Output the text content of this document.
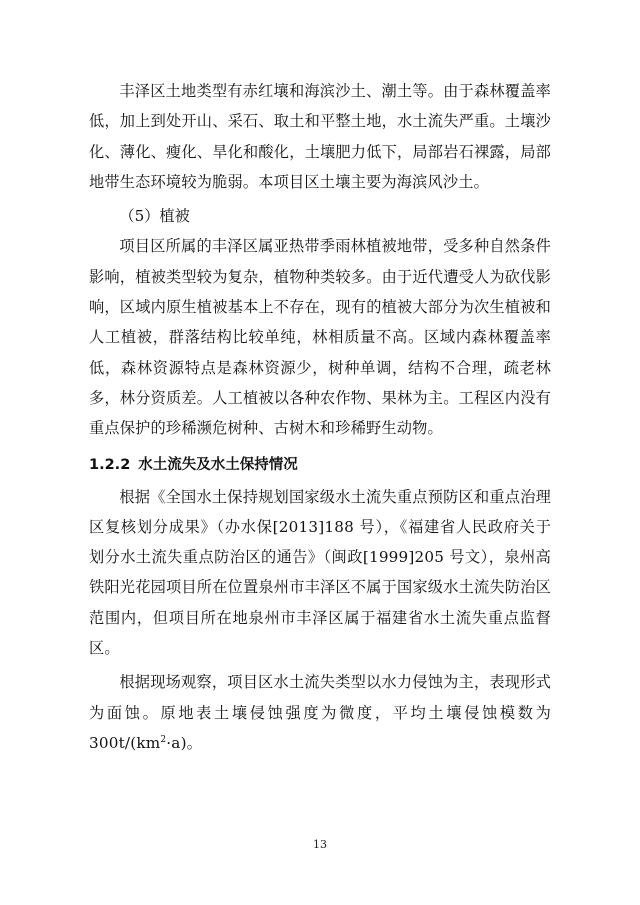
丰泽区土地类型有赤红壤和海滨沙土、潮土等。由于森林覆盖率低，加上到处开山、采石、取土和平整土地，水土流失严重。土壤沙化、薄化、瘦化、旱化和酸化，土壤肥力低下，局部岩石裸露，局部地带生态环境较为脆弱。本项目区土壤主要为海滨风沙土。

（5）植被

项目区所属的丰泽区属亚热带季雨林植被地带，受多种自然条件影响，植被类型较为复杂，植物种类较多。由于近代遭受人为砍伐影响，区域内原生植被基本上不存在，现有的植被大部分为次生植被和人工植被，群落结构比较单纯，林相质量不高。区域内森林覆盖率低，森林资源特点是森林资源少，树种单调，结构不合理，疏老林多，林分资质差。人工植被以各种农作物、果林为主。工程区内没有重点保护的珍稀濒危树种、古树木和珍稀野生动物。

1.2.2 水土流失及水土保持情况

根据《全国水土保持规划国家级水土流失重点预防区和重点治理区复核划分成果》（办水保[2013]188 号），《福建省人民政府关于划分水土流失重点防治区的通告》（闽政[1999]205 号文），泉州高铁阳光花园项目所在位置泉州市丰泽区不属于国家级水土流失防治区范围内，但项目所在地泉州市丰泽区属于福建省水土流失重点监督区。

根据现场观察，项目区水土流失类型以水力侵蚀为主，表现形式为面蚀。原地表土壤侵蚀强度为微度，平均土壤侵蚀模数为$300t/(km^2\cdot a)$。

13
